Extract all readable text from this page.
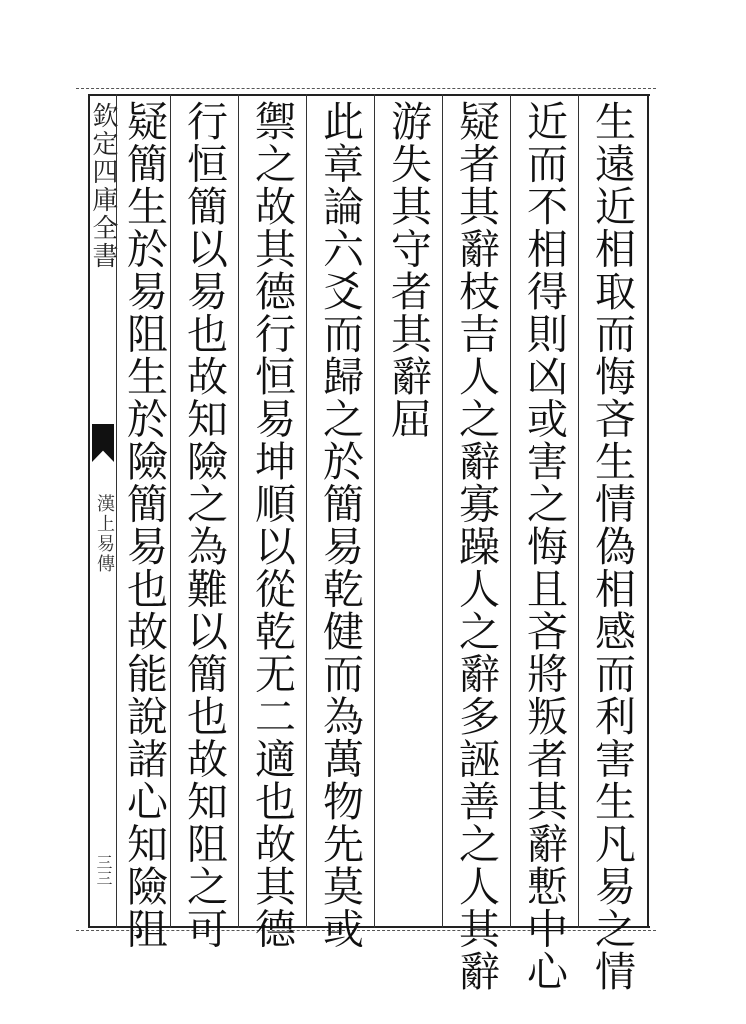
欽定四庫全書
漢上易傳
三三	生遠近相取而悔吝生情偽相感而利害生凡易之情
近而不相得則凶或害之悔且吝將叛者其辭慙中心
疑者其辭枝吉人之辭寡躁人之辭多誣善之人其辭
游失其守者其辭屈
此章論六爻而歸之於簡易乾健而為萬物先莫或
禦之故其德行恒易坤順以從乾无二適也故其德
行恒簡以易也故知險之為難以簡也故知阻之可
疑簡生於易阻生於險簡易也故能說諸心知險阻
